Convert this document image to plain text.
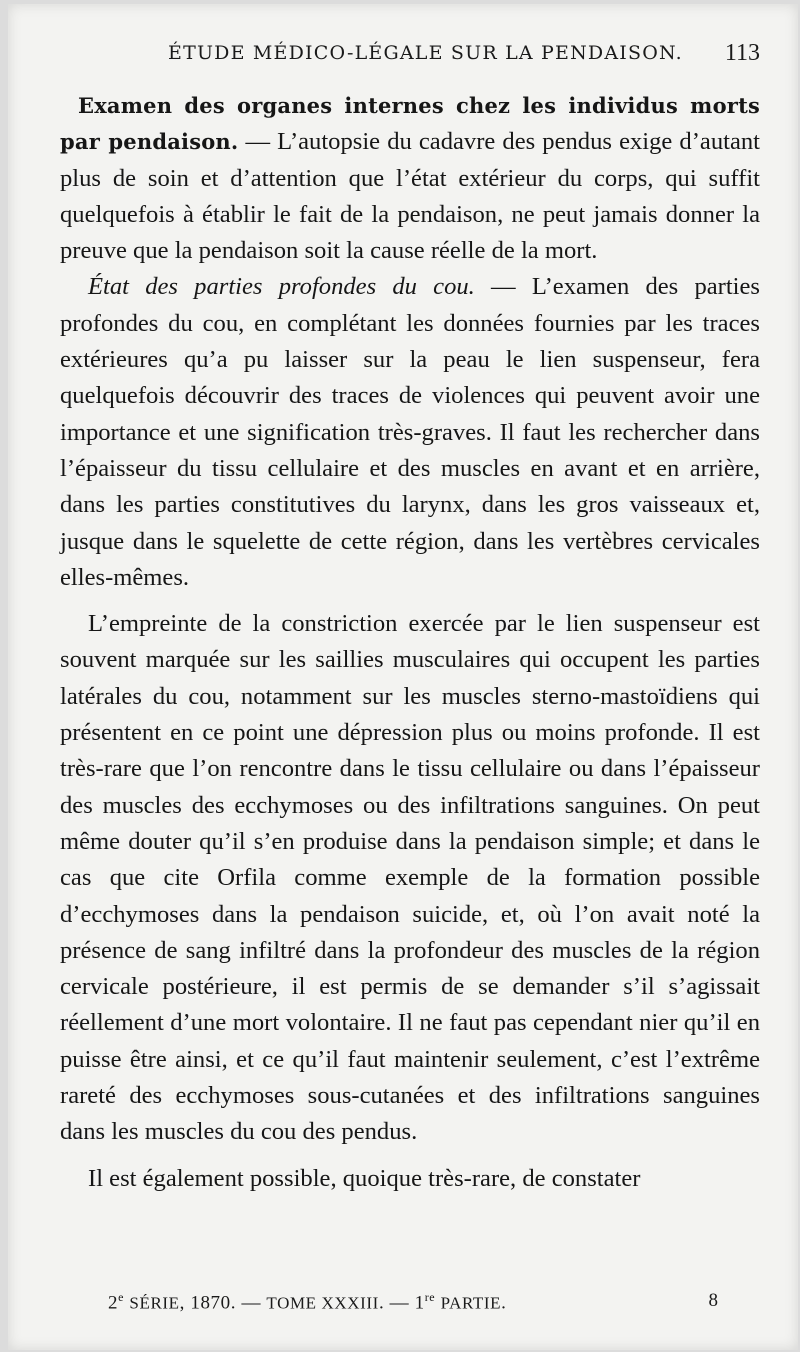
ÉTUDE MÉDICO-LÉGALE SUR LA PENDAISON. 113

Examen des organes internes chez les individus morts par pendaison. — L’autopsie du cadavre des pendus exige d’autant plus de soin et d’attention que l’état extérieur du corps, qui suffit quelquefois à établir le fait de la pendaison, ne peut jamais donner la preuve que la pendaison soit la cause réelle de la mort.

État des parties profondes du cou. — L’examen des parties profondes du cou, en complétant les données fournies par les traces extérieures qu’a pu laisser sur la peau le lien suspenseur, fera quelquefois découvrir des traces de violences qui peuvent avoir une importance et une signification très-graves. Il faut les rechercher dans l’épaisseur du tissu cellulaire et des muscles en avant et en arrière, dans les parties constitutives du larynx, dans les gros vaisseaux et, jusque dans le squelette de cette région, dans les vertèbres cervicales elles-mêmes.

L’empreinte de la constriction exercée par le lien suspenseur est souvent marquée sur les saillies musculaires qui occupent les parties latérales du cou, notamment sur les muscles sterno-mastoïdiens qui présentent en ce point une dépression plus ou moins profonde. Il est très-rare que l’on rencontre dans le tissu cellulaire ou dans l’épaisseur des muscles des ecchymoses ou des infiltrations sanguines. On peut même douter qu’il s’en produise dans la pendaison simple; et dans le cas que cite Orfila comme exemple de la formation possible d’ecchymoses dans la pendaison suicide, et, où l’on avait noté la présence de sang infiltré dans la profondeur des muscles de la région cervicale postérieure, il est permis de se demander s’il s’agissait réellement d’une mort volontaire. Il ne faut pas cependant nier qu’il en puisse être ainsi, et ce qu’il faut maintenir seulement, c’est l’extrême rareté des ecchymoses sous-cutanées et des infiltrations sanguines dans les muscles du cou des pendus.

Il est également possible, quoique très-rare, de constater

2e SÉRIE, 1870. — TOME XXXIII. — 1re PARTIE.	8
